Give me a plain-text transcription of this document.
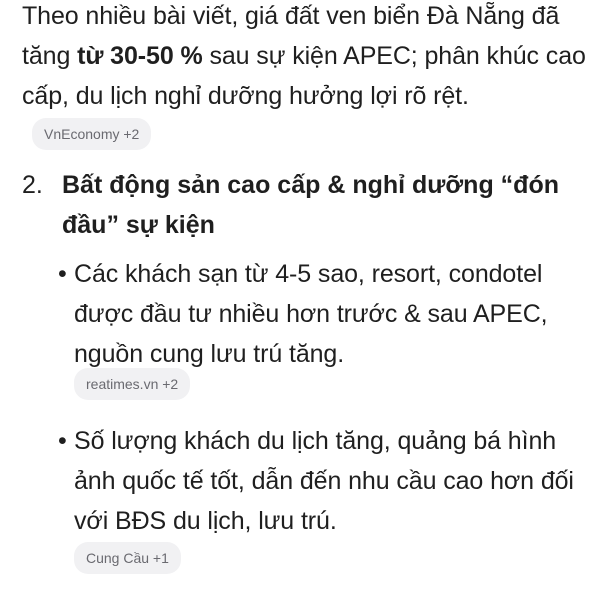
Theo nhiều bài viết, giá đất ven biển Đà Nẵng đã tăng từ 30-50 % sau sự kiện APEC; phân khúc cao cấp, du lịch nghỉ dưỡng hưởng lợi rõ rệt.VnEconomy +2
2. Bất động sản cao cấp & nghỉ dưỡng “đón đầu” sự kiện
• Các khách sạn từ 4-5 sao, resort, condotel được đầu tư nhiều hơn trước & sau APEC, nguồn cung lưu trú tăng.
reatimes.vn +2
• Số lượng khách du lịch tăng, quảng bá hình ảnh quốc tế tốt, dẫn đến nhu cầu cao hơn đối với BĐS du lịch, lưu trú.
Cung Cầu +1
